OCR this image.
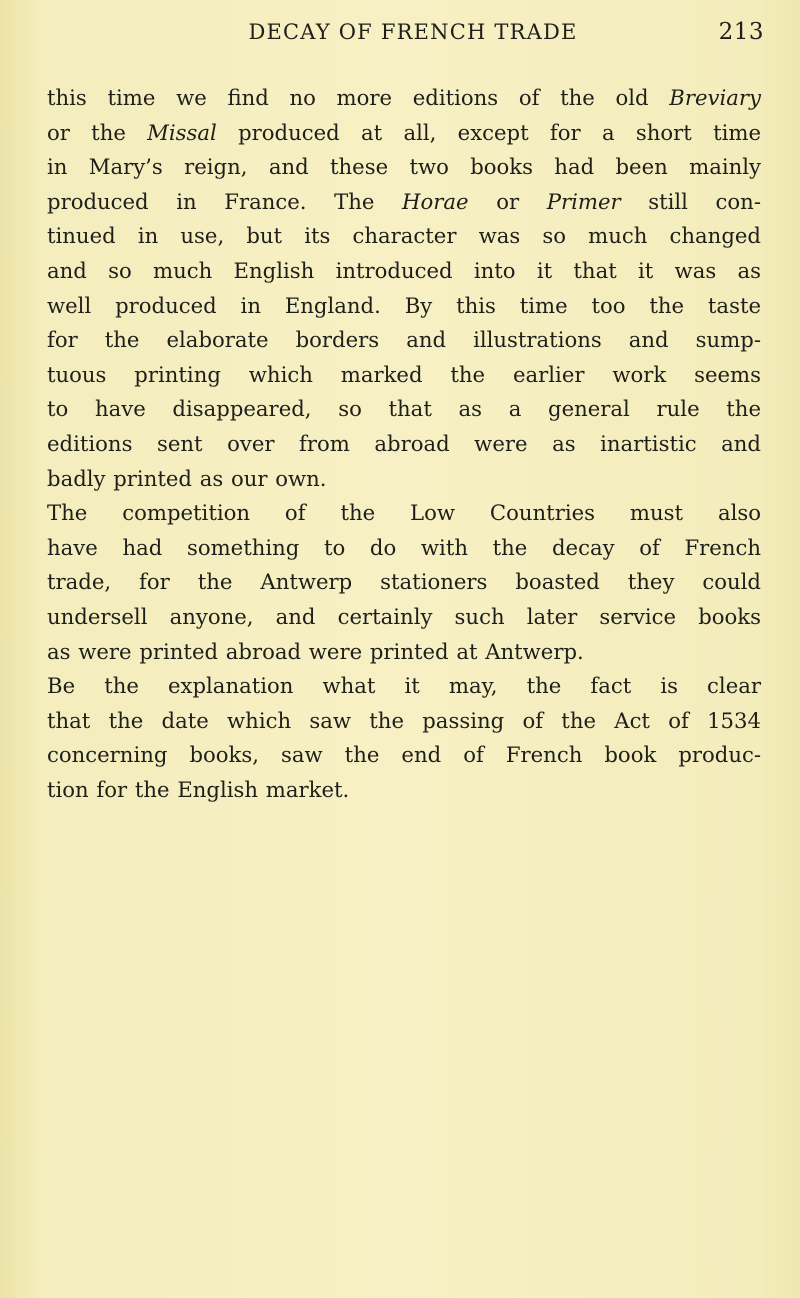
DECAY OF FRENCH TRADE	213
this time we find no more editions of the old Breviary
or the Missal produced at all, except for a short time
in Mary’s reign, and these two books had been mainly
produced in France. The Horae or Primer still con-
tinued in use, but its character was so much changed
and so much English introduced into it that it was as
well produced in England. By this time too the taste
for the elaborate borders and illustrations and sump-
tuous printing which marked the earlier work seems
to have disappeared, so that as a general rule the
editions sent over from abroad were as inartistic and
badly printed as our own.
The competition of the Low Countries must also
have had something to do with the decay of French
trade, for the Antwerp stationers boasted they could
undersell anyone, and certainly such later service books
as were printed abroad were printed at Antwerp.
Be the explanation what it may, the fact is clear
that the date which saw the passing of the Act of 1534
concerning books, saw the end of French book produc-
tion for the English market.
